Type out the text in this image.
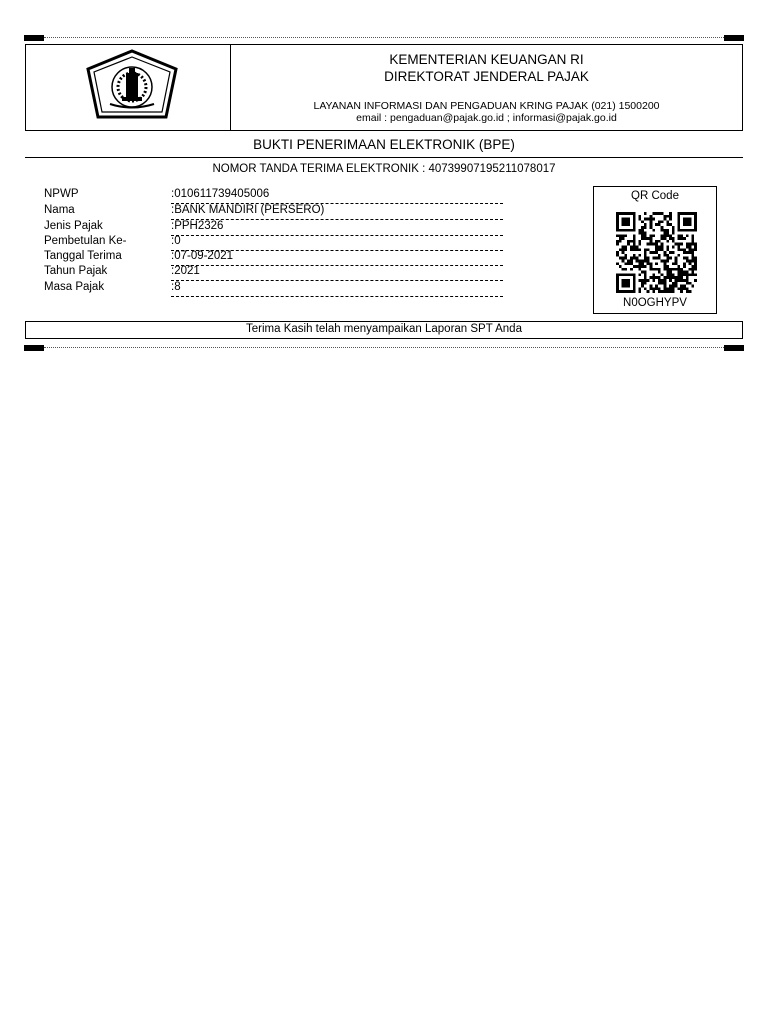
KEMENTERIAN KEUANGAN RI
DIREKTORAT JENDERAL PAJAK
LAYANAN INFORMASI DAN PENGADUAN KRING PAJAK (021) 1500200
email : pengaduan@pajak.go.id ; informasi@pajak.go.id
BUKTI PENERIMAAN ELEKTRONIK (BPE)
NOMOR TANDA TERIMA ELEKTRONIK : 40739907195211078017
NPWP	:010611739405006
Nama	:BANK MANDIRI (PERSERO)
Jenis Pajak	:PPH2326
Pembetulan Ke-	:0
Tanggal Terima	:07-09-2021
Tahun Pajak	:2021
Masa Pajak	:8
QR Code
N0OGHYPV
Terima Kasih telah menyampaikan Laporan SPT Anda
